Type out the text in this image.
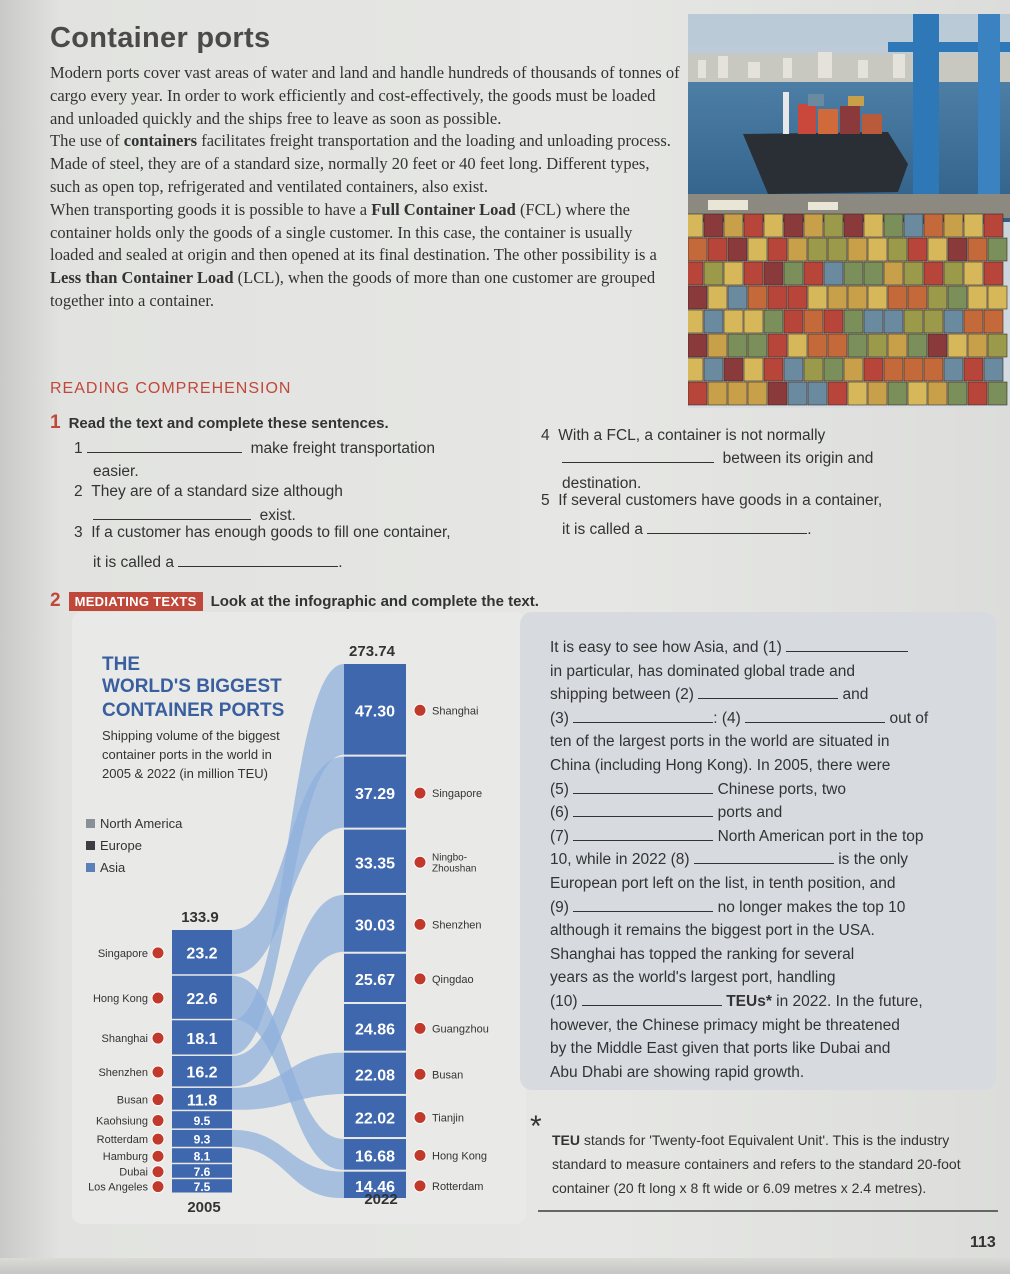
Container ports

Modern ports cover vast areas of water and land and handle hundreds of thousands of tonnes of cargo every year. In order to work efficiently and cost-effectively, the goods must be loaded and unloaded quickly and the ships free to leave as soon as possible.

The use of containers facilitates freight transportation and the loading and unloading process. Made of steel, they are of a standard size, normally 20 feet or 40 feet long. Different types, such as open top, refrigerated and ventilated containers, also exist.

When transporting goods it is possible to have a Full Container Load (FCL) where the container holds only the goods of a single customer. In this case, the container is usually loaded and sealed at origin and then opened at its final destination. The other possibility is a Less than Container Load (LCL), when the goods of more than one customer are grouped together into a container.

READING COMPREHENSION
1 Read the text and complete these sentences.
1	make freight transportation
easier.
2 They are of a standard size although
exist.
3 If a customer has enough goods to fill one container,
it is called a	.
4 With a FCL, a container is not normally
between its origin and
destination.
5 If several customers have goods in a container,
it is called a	.
2 MEDIATING TEXTS Look at the infographic and complete the text.
23.2
Singapore
22.6
Hong Kong
18.1
Shanghai
16.2
Shenzhen
11.8
Busan
9.5
Kaohsiung
9.3
Rotterdam
8.1
Hamburg
7.6
Dubai
7.5
Los Angeles
47.30	Shanghai
37.29	Singapore
33.35	Ningbo-
Zhoushan
30.03	Shenzhen
25.67	Qingdao
24.86	Guangzhou
22.08	Busan
22.02	Tianjin
16.68	Hong Kong
14.46	Rotterdam
THE
WORLD'S BIGGEST
CONTAINER PORTS
Shipping volume of the biggest
container ports in the world in
2005 & 2022 (in million TEU)
North America
Europe
Asia
133.9
273.74
2005	2022
It is easy to see how Asia, and (1)
in particular, has dominated global trade and
shipping between (2)	and
(3)	: (4)	out of
ten of the largest ports in the world are situated in
China (including Hong Kong). In 2005, there were
(5)	Chinese ports, two
(6)	ports and
(7)	North American port in the top
10, while in 2022 (8)	is the only
European port left on the list, in tenth position, and
(9)	no longer makes the top 10
although it remains the biggest port in the USA.
Shanghai has topped the ranking for several
years as the world's largest port, handling
(10)	TEUs* in 2022. In the future,
however, the Chinese primacy might be threatened
by the Middle East given that ports like Dubai and
Abu Dhabi are showing rapid growth.
* TEU stands for 'Twenty-foot Equivalent Unit'. This is the industry
standard to measure containers and refers to the standard 20-foot
container (20 ft long x 8 ft wide or 6.09 metres x 2.4 metres).
113
